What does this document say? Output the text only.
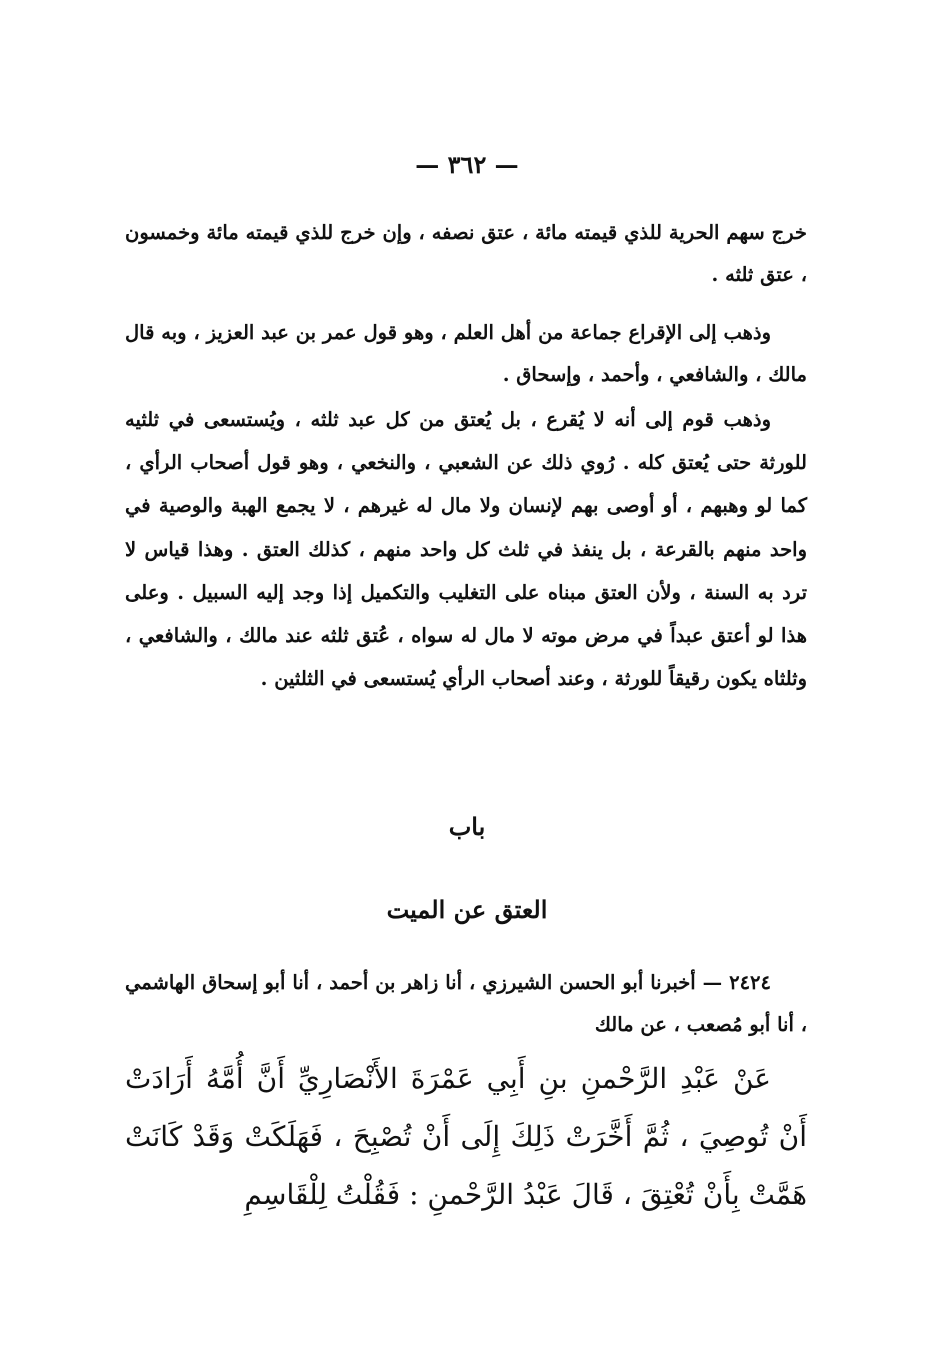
— ٣٦٢ —

خرج سهم الحرية للذي قيمته مائة ، عتق نصفه ، وإن خرج للذي قيمته مائة وخمسون ، عتق ثلثه .

وذهب إلى الإقراع جماعة من أهل العلم ، وهو قول عمر بن عبد العزيز ، وبه قال مالك ، والشافعي ، وأحمد ، وإسحاق .

وذهب قوم إلى أنه لا يُقرع ، بل يُعتق من كل عبد ثلثه ، ويُستسعى في ثلثيه للورثة حتى يُعتق كله . رُوي ذلك عن الشعبي ، والنخعي ، وهو قول أصحاب الرأي ، كما لو وهبهم ، أو أوصى بهم لإنسان ولا مال له غيرهم ، لا يجمع الهبة والوصية في واحد منهم بالقرعة ، بل ينفذ في ثلث كل واحد منهم ، كذلك العتق . وهذا قياس لا ترد به السنة ، ولأن العتق مبناه على التغليب والتكميل إذا وجد إليه السبيل . وعلى هذا لو أعتق عبداً في مرض موته لا مال له سواه ، عُتق ثلثه عند مالك ، والشافعي ، وثلثاه يكون رقيقاً للورثة ، وعند أصحاب الرأي يُستسعى في الثلثين .

باب
العتق عن الميت

٢٤٢٤ — أخبرنا أبو الحسن الشيرزي ، أنا زاهر بن أحمد ، أنا أبو إسحاق الهاشمي ، أنا أبو مُصعب ، عن مالك

عَنْ عَبْدِ الرَّحْمنِ بنِ أَبِي عَمْرَةَ الأَنْصَارِيِّ أَنَّ أُمَّهُ أَرَادَتْ أَنْ تُوصِيَ ، ثُمَّ أَخَّرَتْ ذَلِكَ إِلَى أَنْ تُصْبِحَ ، فَهَلَكَتْ وَقَدْ كَانَتْ هَمَّتْ بِأَنْ تُعْتِقَ ، قَالَ عَبْدُ الرَّحْمنِ : فَقُلْتُ لِلْقَاسِمِ
